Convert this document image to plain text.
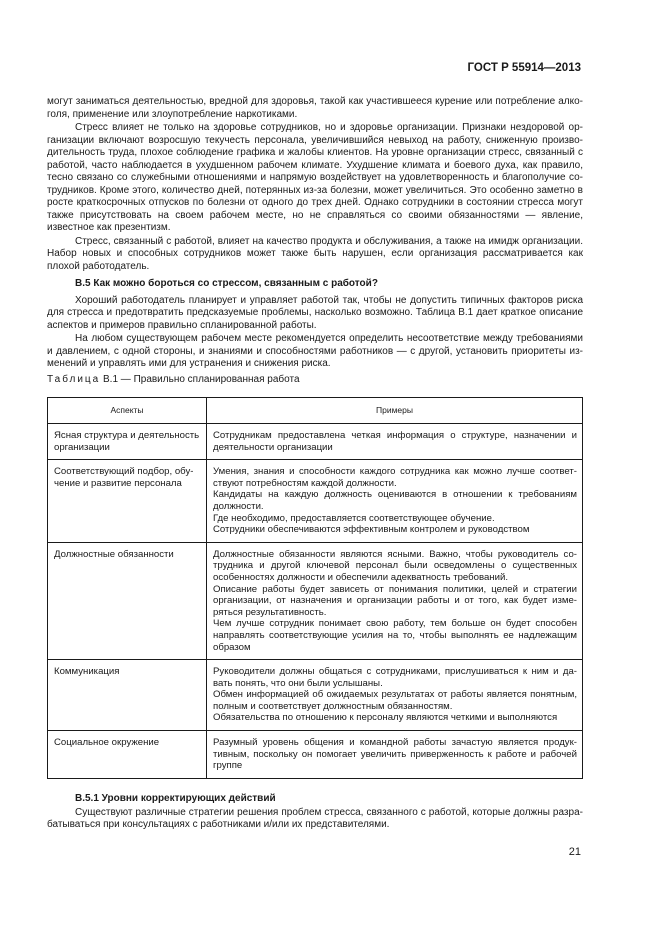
ГОСТ Р 55914—2013

могут заниматься деятельностью, вредной для здоровья, такой как участившееся курение или потребление алкоголя, применение или злоупотребление наркотиками.

Стресс влияет не только на здоровье сотрудников, но и здоровье организации. Признаки нездоровой организации включают возросшую текучесть персонала, увеличившийся невыход на работу, сниженную производительность труда, плохое соблюдение графика и жалобы клиентов. На уровне организации стресс, связанный с работой, часто наблюдается в ухудшенном рабочем климате. Ухудшение климата и боевого духа, как правило, тесно связано со служебными отношениями и напрямую воздействует на удовлетворенность и благополучие сотрудников. Кроме этого, количество дней, потерянных из-за болезни, может увеличиться. Это особенно заметно в росте краткосрочных отпусков по болезни от одного до трех дней. Однако сотрудники в состоянии стресса могут также присутствовать на своем рабочем месте, но не справляться со своими обязанностями — явление, известное как презентизм.

Стресс, связанный с работой, влияет на качество продукта и обслуживания, а также на имидж организации. Набор новых и способных сотрудников может также быть нарушен, если организация рассматривается как плохой работодатель.

В.5 Как можно бороться со стрессом, связанным с работой?

Хороший работодатель планирует и управляет работой так, чтобы не допустить типичных факторов риска для стресса и предотвратить предсказуемые проблемы, насколько возможно. Таблица В.1 дает краткое описание аспектов и примеров правильно спланированной работы.

На любом существующем рабочем месте рекомендуется определить несоответствие между требованиями и давлением, с одной стороны, и знаниями и способностями работников — с другой, установить приоритеты изменений и управлять ими для устранения и снижения риска.

Таблица В.1 — Правильно спланированная работа
Аспекты	Примеры
Ясная структура и деятельность организации	Сотрудникам предоставлена четкая информация о структуре, назначении и деятельности организации

Соответствующий подбор, обучение и развитие персонала	Умения, знания и способности каждого сотрудника как можно лучше соответствуют потребностям каждой должности.
Кандидаты на каждую должность оцениваются в отношении к требованиям должности.
Где необходимо, предоставляется соответствующее обучение.
Сотрудники обеспечиваются эффективным контролем и руководством

Должностные обязанности	Должностные обязанности являются ясными. Важно, чтобы руководитель сотрудника и другой ключевой персонал были осведомлены о существенных особенностях должности и обеспечили адекватность требований.
Описание работы будет зависеть от понимания политики, целей и стратегии организации, от назначения и организации работы и от того, как будет измеряться результативность.
Чем лучше сотрудник понимает свою работу, тем больше он будет способен направлять соответствующие усилия на то, чтобы выполнять ее надлежащим образом

Коммуникация	Руководители должны общаться с сотрудниками, прислушиваться к ним и давать понять, что они были услышаны.
Обмен информацией об ожидаемых результатах от работы является понятным, полным и соответствует должностным обязанностям.
Обязательства по отношению к персоналу являются четкими и выполняются

Социальное окружение	Разумный уровень общения и командной работы зачастую является продуктивным, поскольку он помогает увеличить приверженность к работе и рабочей группе
В.5.1 Уровни корректирующих действий

Существуют различные стратегии решения проблем стресса, связанного с работой, которые должны разрабатываться при консультациях с работниками и/или их представителями.

21
